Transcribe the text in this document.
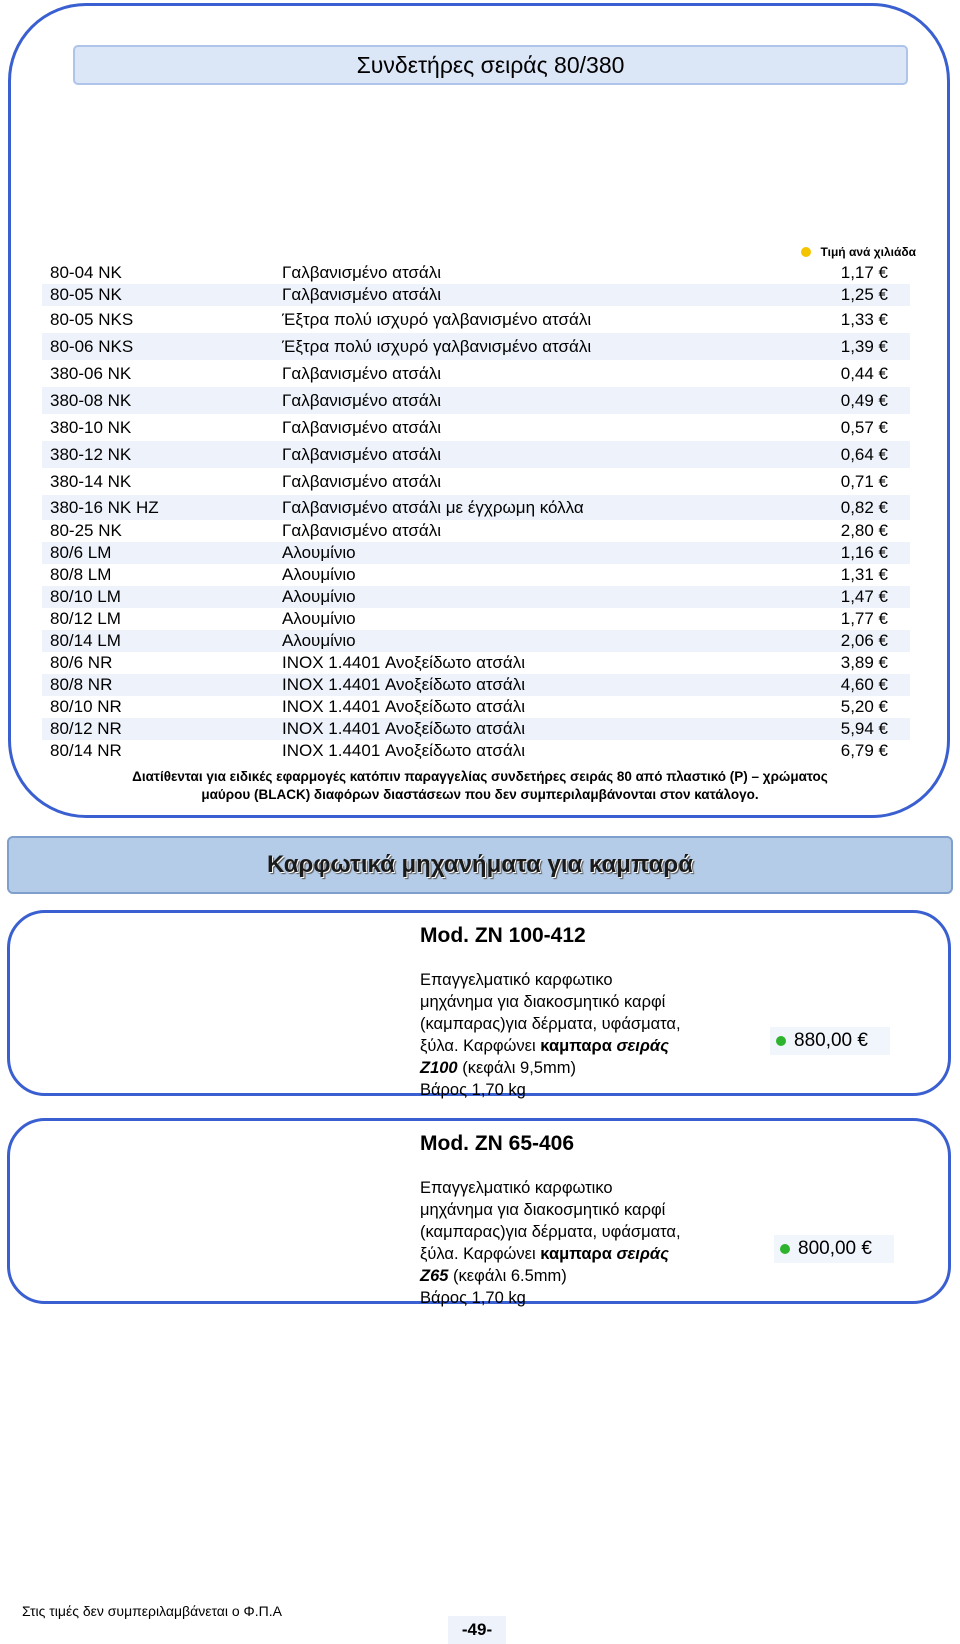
Συνδετήρες σειράς 80/380
Τιμή ανά χιλιάδα
80-04 NK	Γαλβανισμένο ατσάλι	1,17 €
80-05 NK	Γαλβανισμένο ατσάλι	1,25 €
80-05 NKS	Έξτρα πολύ ισχυρό γαλβανισμένο ατσάλι	1,33 €
80-06 NKS	Έξτρα πολύ ισχυρό γαλβανισμένο ατσάλι	1,39 €
380-06 NK	Γαλβανισμένο ατσάλι	0,44 €
380-08 NK	Γαλβανισμένο ατσάλι	0,49 €
380-10 NK	Γαλβανισμένο ατσάλι	0,57 €
380-12 NK	Γαλβανισμένο ατσάλι	0,64 €
380-14 NK	Γαλβανισμένο ατσάλι	0,71 €
380-16 NK HZ	Γαλβανισμένο ατσάλι με έγχρωμη κόλλα	0,82 €
80-25 NK	Γαλβανισμένο ατσάλι	2,80 €
80/6 LM	Αλουμίνιο	1,16 €
80/8 LM	Αλουμίνιο	1,31 €
80/10 LM	Αλουμίνιο	1,47 €
80/12 LM	Αλουμίνιο	1,77 €
80/14 LM	Αλουμίνιο	2,06 €
80/6 NR	INOX 1.4401 Ανοξείδωτο ατσάλι	3,89 €
80/8 NR	INOX 1.4401 Ανοξείδωτο ατσάλι	4,60 €
80/10 NR	INOX 1.4401 Ανοξείδωτο ατσάλι	5,20 €
80/12 NR	INOX 1.4401 Ανοξείδωτο ατσάλι	5,94 €
80/14 NR	INOX 1.4401 Ανοξείδωτο ατσάλι	6,79 €
Διατίθενται για ειδικές εφαρμογές κατόπιν παραγγελίας συνδετήρες σειράς 80 από πλαστικό (P) – χρώματος
μαύρου (BLACK) διαφόρων διαστάσεων που δεν συμπεριλαμβάνονται στον κατάλογο.
Καρφωτικά μηχανήματα για καμπαρά
Mod. ZN 100-412
Επαγγελματικό καρφωτικο
μηχάνημα για διακοσμητικό καρφί
(καμπαρας)για δέρματα, υφάσματα,
ξύλα. Καρφώνει καμπαρα σειράς
Z100 (κεφάλι 9,5mm)
Βάρος 1,70 kg
880,00 €
Mod. ZN 65-406
Επαγγελματικό καρφωτικο
μηχάνημα για διακοσμητικό καρφί
(καμπαρας)για δέρματα, υφάσματα,
ξύλα. Καρφώνει καμπαρα σειράς
Z65 (κεφάλι 6.5mm)
Βάρος 1,70 kg
800,00 €
Στις τιμές δεν συμπεριλαμβάνεται ο Φ.Π.Α
-49-
